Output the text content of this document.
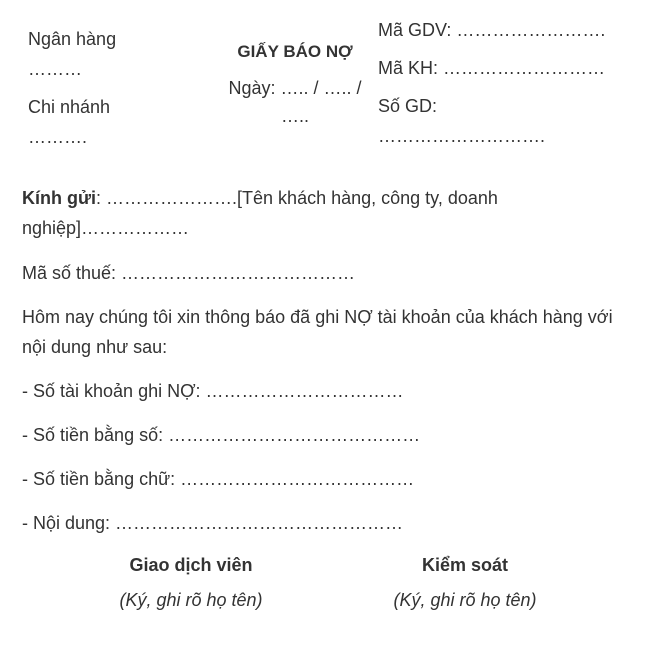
Ngân hàng
………
Chi nhánh
……….
GIẤY BÁO NỢ
Ngày: ….. / ….. /
…..
Mã GDV: …………………….
Mã KH: ………………………
Số GD:
……………………….
Kính gửi: ………………….[Tên khách hàng, công ty, doanh nghiệp]………………
Mã số thuế: …………………………………
Hôm nay chúng tôi xin thông báo đã ghi NỢ tài khoản của khách hàng với nội dung như sau:
- Số tài khoản ghi NỢ: ……………………………
- Số tiền bằng số: ……………………………………
- Số tiền bằng chữ: …………………………………
- Nội dung: …………………………………………
Giao dịch viên
(Ký, ghi rõ họ tên)
Kiểm soát
(Ký, ghi rõ họ tên)
